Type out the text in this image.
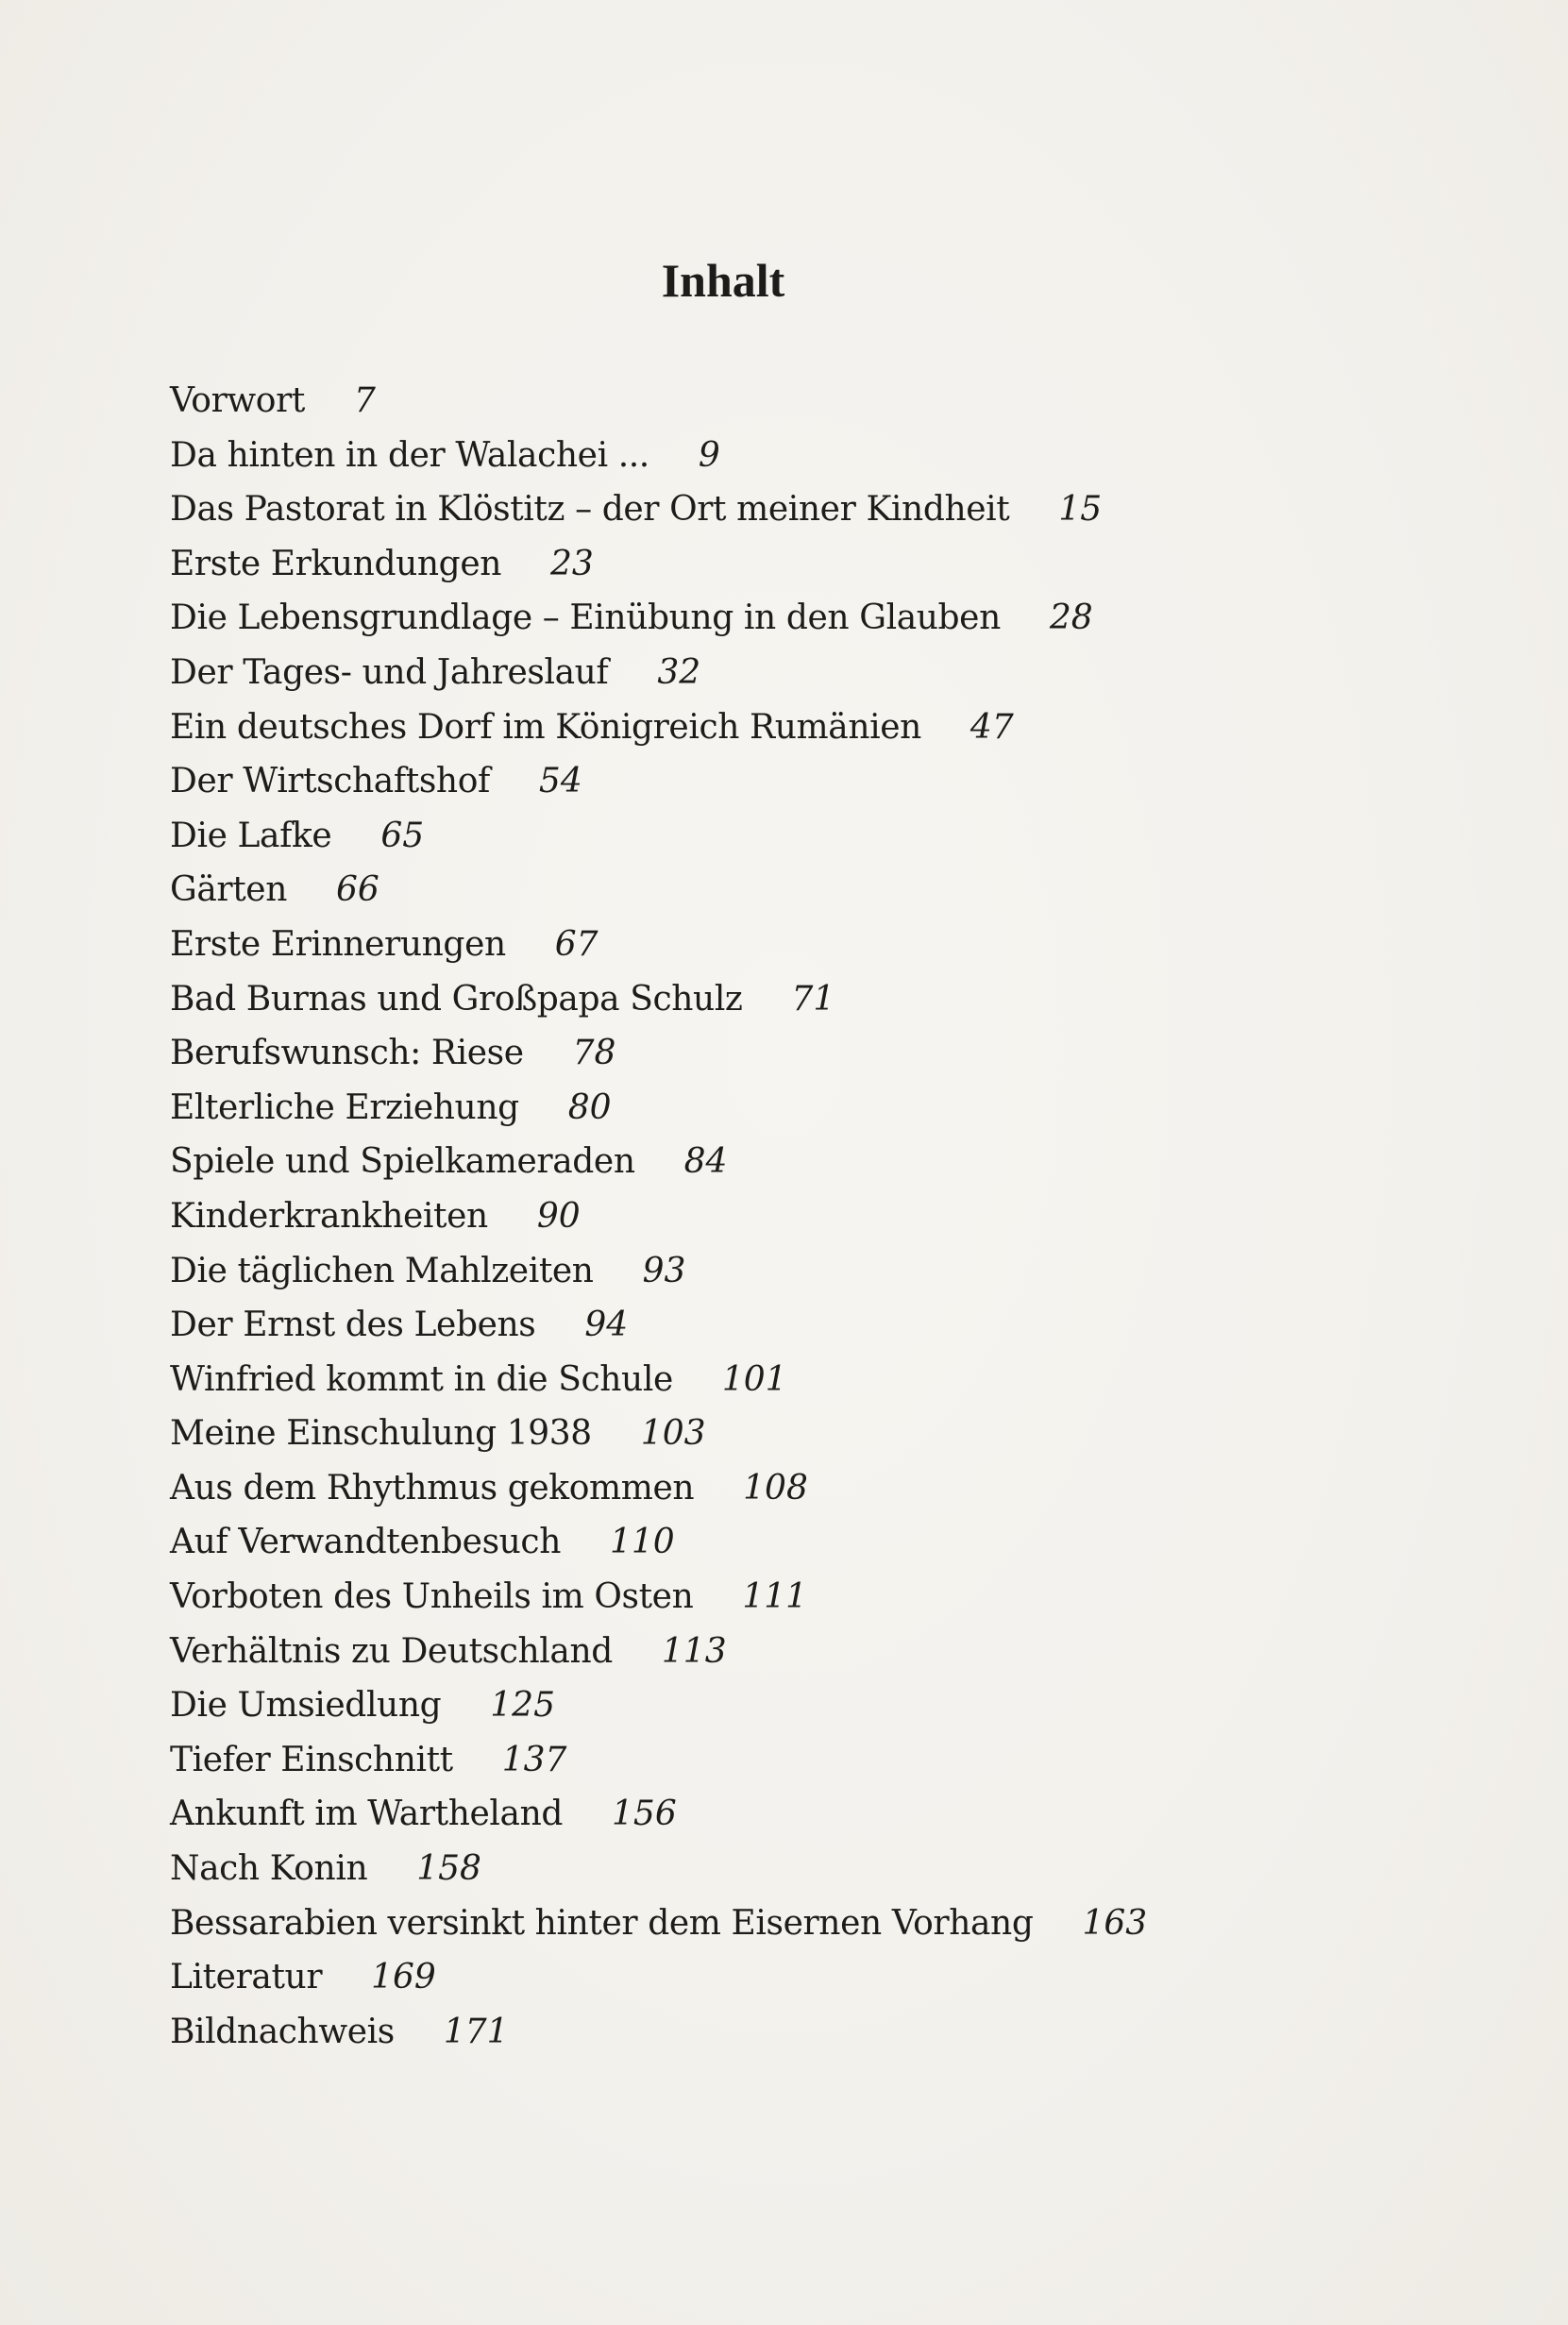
Inhalt
Vorwort 7
Da hinten in der Walachei ... 9
Das Pastorat in Klöstitz – der Ort meiner Kindheit 15
Erste Erkundungen 23
Die Lebensgrundlage – Einübung in den Glauben 28
Der Tages- und Jahreslauf 32
Ein deutsches Dorf im Königreich Rumänien 47
Der Wirtschaftshof 54
Die Lafke 65
Gärten 66
Erste Erinnerungen 67
Bad Burnas und Großpapa Schulz 71
Berufswunsch: Riese 78
Elterliche Erziehung 80
Spiele und Spielkameraden 84
Kinderkrankheiten 90
Die täglichen Mahlzeiten 93
Der Ernst des Lebens 94
Winfried kommt in die Schule 101
Meine Einschulung 1938 103
Aus dem Rhythmus gekommen 108
Auf Verwandtenbesuch 110
Vorboten des Unheils im Osten 111
Verhältnis zu Deutschland 113
Die Umsiedlung 125
Tiefer Einschnitt 137
Ankunft im Wartheland 156
Nach Konin 158
Bessarabien versinkt hinter dem Eisernen Vorhang 163
Literatur 169
Bildnachweis 171
